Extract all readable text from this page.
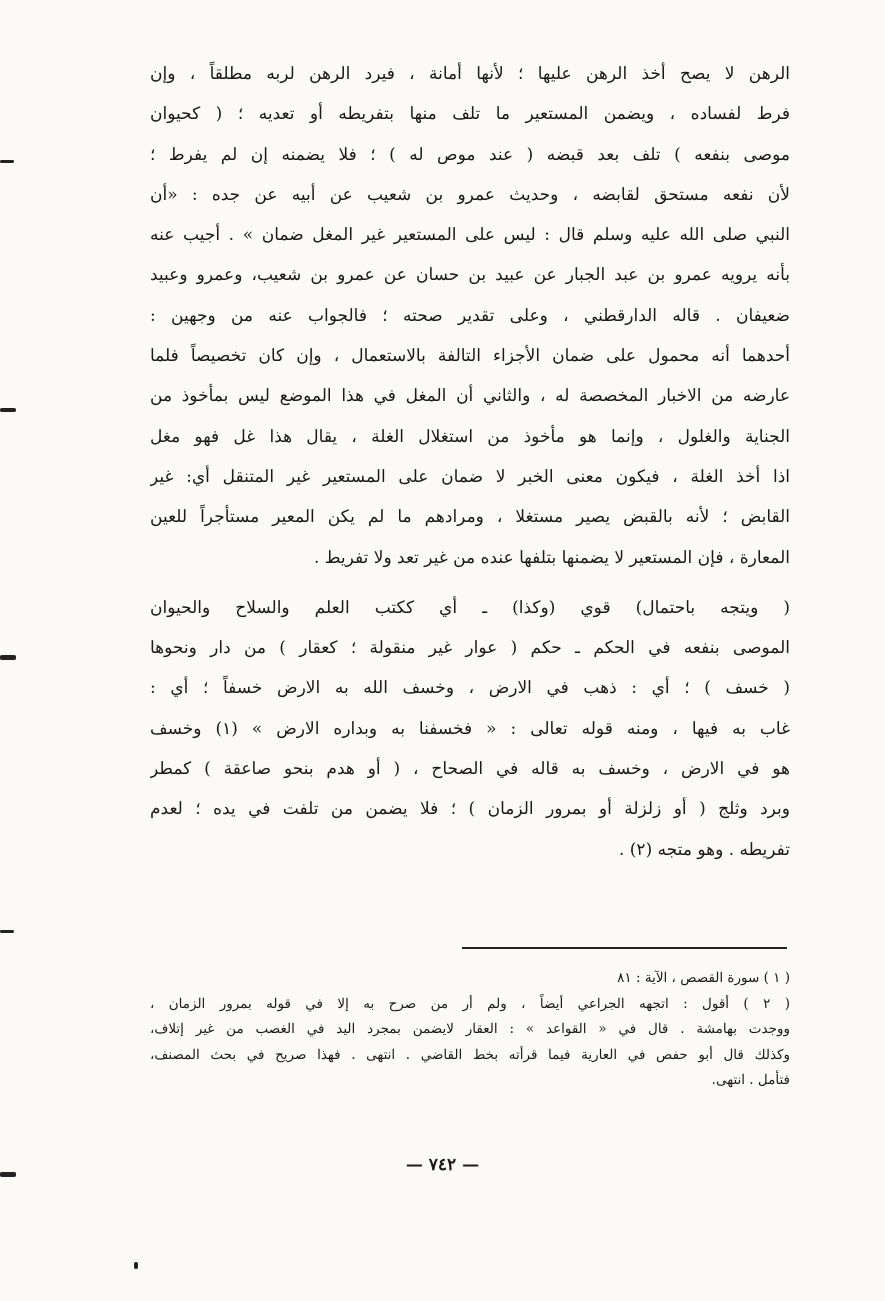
الرهن لا يصح أخذ الرهن عليها ؛ لأنها أمانة ، فيرد الرهن لربه مطلقاً ، وإن
فرط لفساده ، ويضمن المستعير ما تلف منها بتفريطه أو تعديه ؛ ( كحيوان
موصى بنفعه ) تلف بعد قبضه ( عند موص له ) ؛ فلا يضمنه إن لم يفرط ؛
لأن نفعه مستحق لقابضه ، وحديث عمرو بن شعيب عن أبيه عن جده : «أن
النبي صلى الله عليه وسلم قال : ليس على المستعير غير المغل ضمان » . أجيب عنه
بأنه يرويه عمرو بن عبد الجبار عن عبيد بن حسان عن عمرو بن شعيب، وعمرو وعبيد
ضعيفان . قاله الدارقطني ، وعلى تقدير صحته ؛ فالجواب عنه من وجهين :
أحدهما أنه محمول على ضمان الأجزاء التالفة بالاستعمال ، وإن كان تخصيصاً فلما
عارضه من الاخبار المخصصة له ، والثاني أن المغل في هذا الموضع ليس بمأخوذ من
الجناية والغلول ، وإنما هو مأخوذ من استغلال الغلة ، يقال هذا غل فهو مغل
اذا أخذ الغلة ، فيكون معنى الخبر لا ضمان على المستعير غير المتنقل أي: غير
القابض ؛ لأنه بالقبض يصير مستغلا ، ومرادهم ما لم يكن المعير مستأجراً للعين
المعارة ، فإن المستعير لا يضمنها بتلفها عنده من غير تعد ولا تفريط .
( ويتجه باحتمال) قوي (وكذا) ـ أي ككتب العلم والسلاح والحيوان
الموصى بنفعه في الحكم ـ حكم ( عوار غير منقولة ؛ كعقار ) من دار ونحوها
( خسف ) ؛ أي : ذهب في الارض ، وخسف الله به الارض خسفاً ؛ أي :
غاب به فيها ، ومنه قوله تعالى : « فخسفنا به وبداره الارض » (١) وخسف
هو في الارض ، وخسف به قاله في الصحاح ، ( أو هدم بنحو صاعقة ) كمطر
وبرد وثلج ( أو زلزلة أو بمرور الزمان ) ؛ فلا يضمن من تلفت في يده ؛ لعدم
تفريطه . وهو متجه (٢) .
( ١ ) سورة القصص ، الآية : ٨١
( ٢ ) أقول : اتجهه الجراعي أيضاً ، ولم أر من صرح به إلا في قوله بمرور الزمان ،
ووجدت بهامشة . قال في « القواعد » : العقار لايضمن بمجرد اليد في الغصب من غير إتلاف،
وكذلك قال أبو حفص في العارية فيما قرأته بخط القاضي . انتهى . فهذا صريح في بحث المصنف،
فتأمل . انتهى.
— ٧٤٢ —
